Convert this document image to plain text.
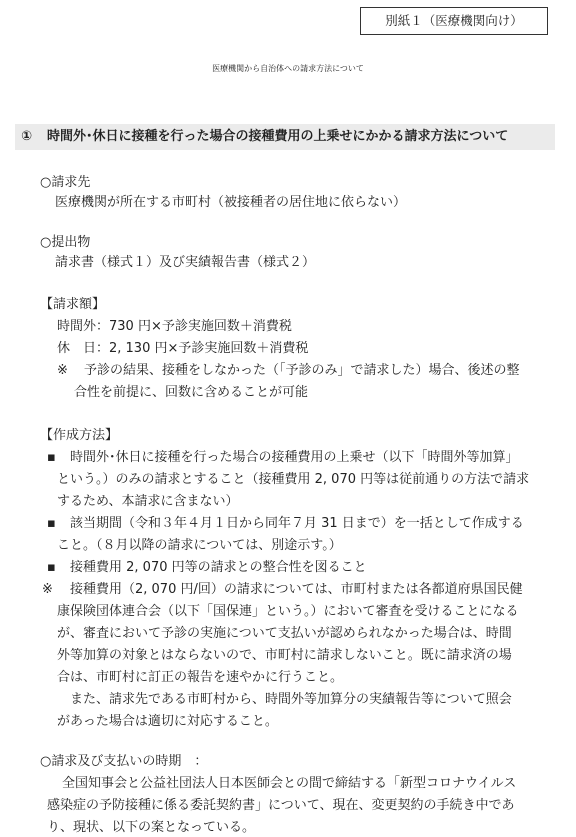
別紙１（医療機関向け）
医療機関から自治体への請求方法について
① 時間外･休日に接種を行った場合の接種費用の上乗せにかかる請求方法について
○請求先
医療機関が所在する市町村（被接種者の居住地に依らない）
○提出物
請求書（様式１）及び実績報告書（様式２）
【請求額】
時間外：730 円×予診実施回数＋消費税
休　日：2, 130 円×予診実施回数＋消費税
※ 予診の結果、接種をしなかった（「予診のみ」で請求した）場合、後述の整
合性を前提に、回数に含めることが可能
【作成方法】
▪ 時間外･休日に接種を行った場合の接種費用の上乗せ（以下「時間外等加算」
という。）のみの請求とすること（接種費用 2, 070 円等は従前通りの方法で請求
するため、本請求に含まない）
▪ 該当期間（令和３年４月１日から同年７月 31 日まで）を一括として作成する
こと。（８月以降の請求については、別途示す。）
▪ 接種費用 2, 070 円等の請求との整合性を図ること
※ 接種費用（2, 070 円/回）の請求については、市町村または各都道府県国民健
康保険団体連合会（以下「国保連」という。）において審査を受けることになる
が、審査において予診の実施について支払いが認められなかった場合は、時間
外等加算の対象とはならないので、市町村に請求しないこと。既に請求済の場
合は、市町村に訂正の報告を速やかに行うこと。
また、請求先である市町村から、時間外等加算分の実績報告等について照会
があった場合は適切に対応すること。
○請求及び支払いの時期　：
全国知事会と公益社団法人日本医師会との間で締結する「新型コロナウイルス
感染症の予防接種に係る委託契約書」について、現在、変更契約の手続き中であ
り、現状、以下の案となっている。
